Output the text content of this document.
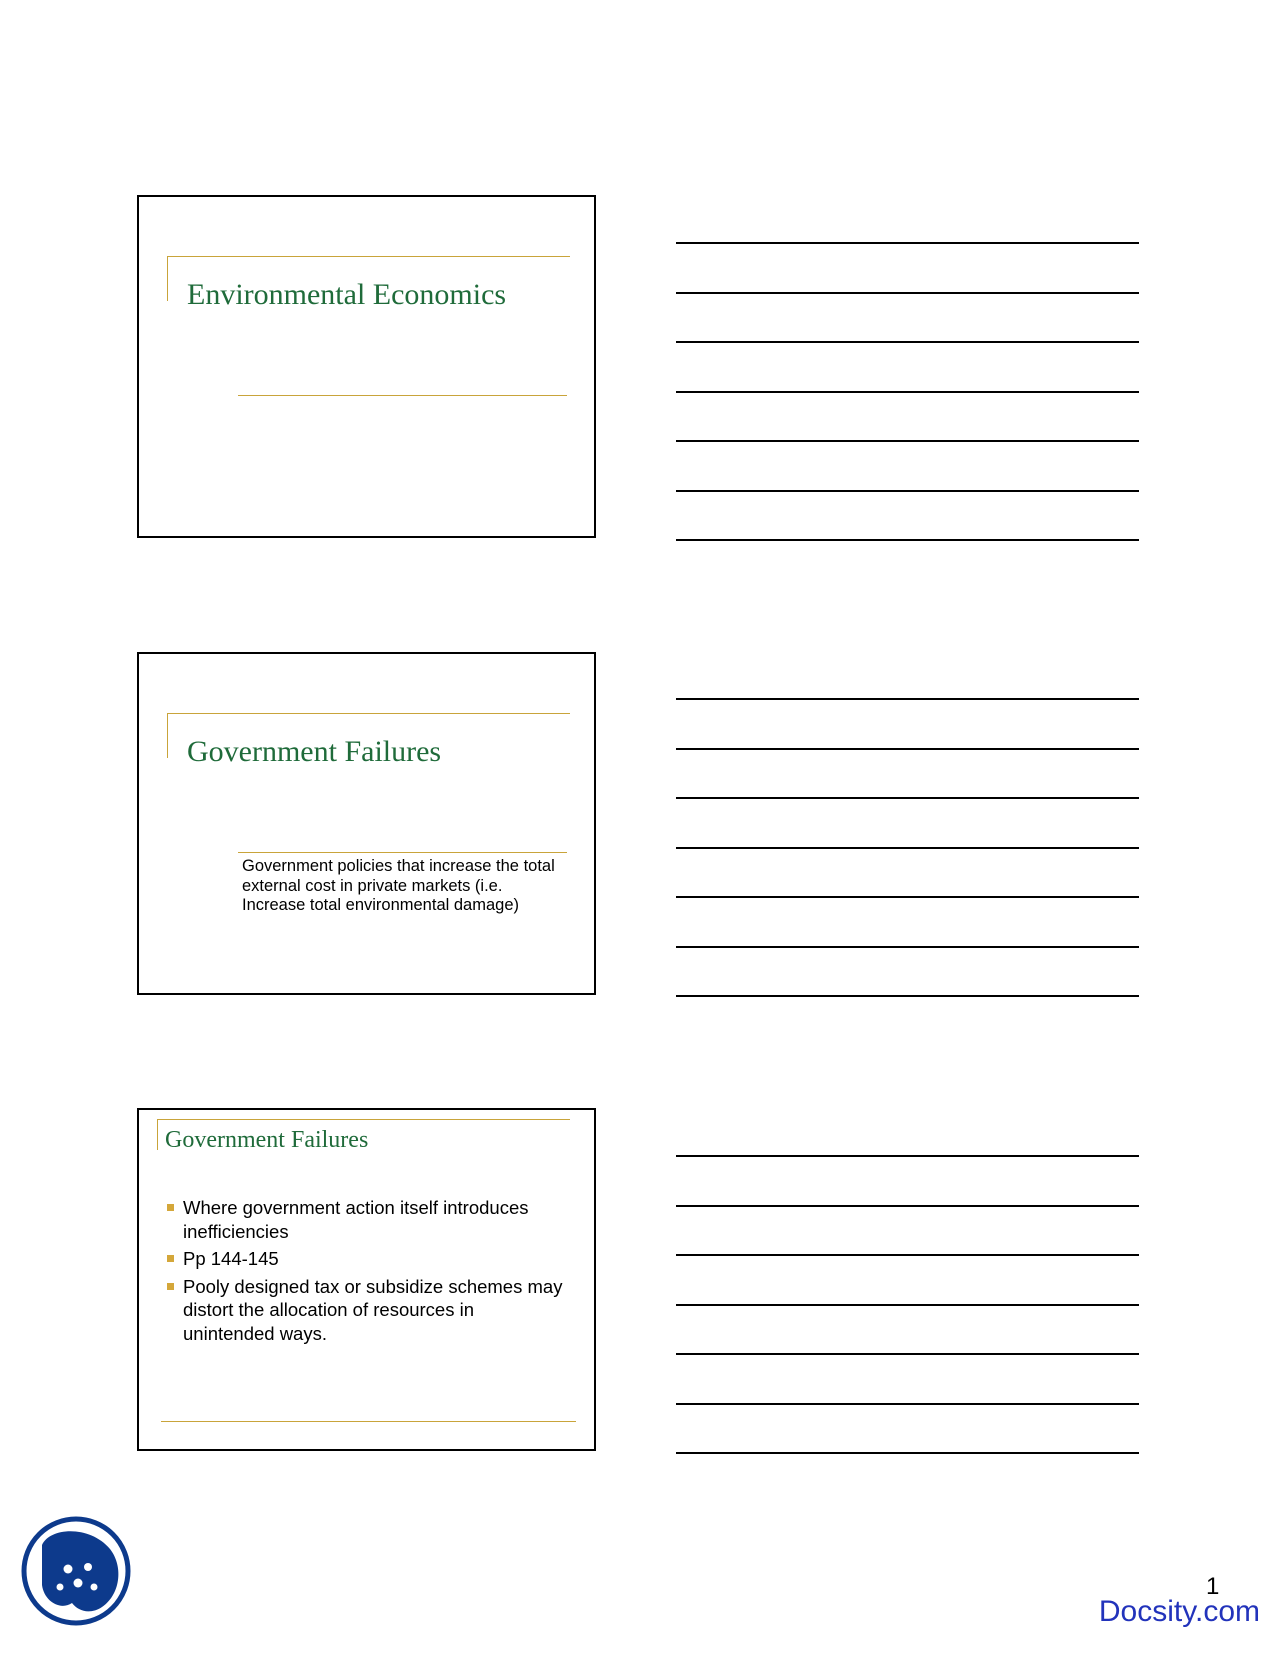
Environmental Economics
Government Failures
Government policies that increase the total external cost in private markets (i.e. Increase total environmental damage)
Government Failures
Where government action itself introduces inefficiencies
Pp 144-145
Pooly designed tax or subsidize schemes may distort the allocation of resources in unintended ways.
1
Docsity.com
